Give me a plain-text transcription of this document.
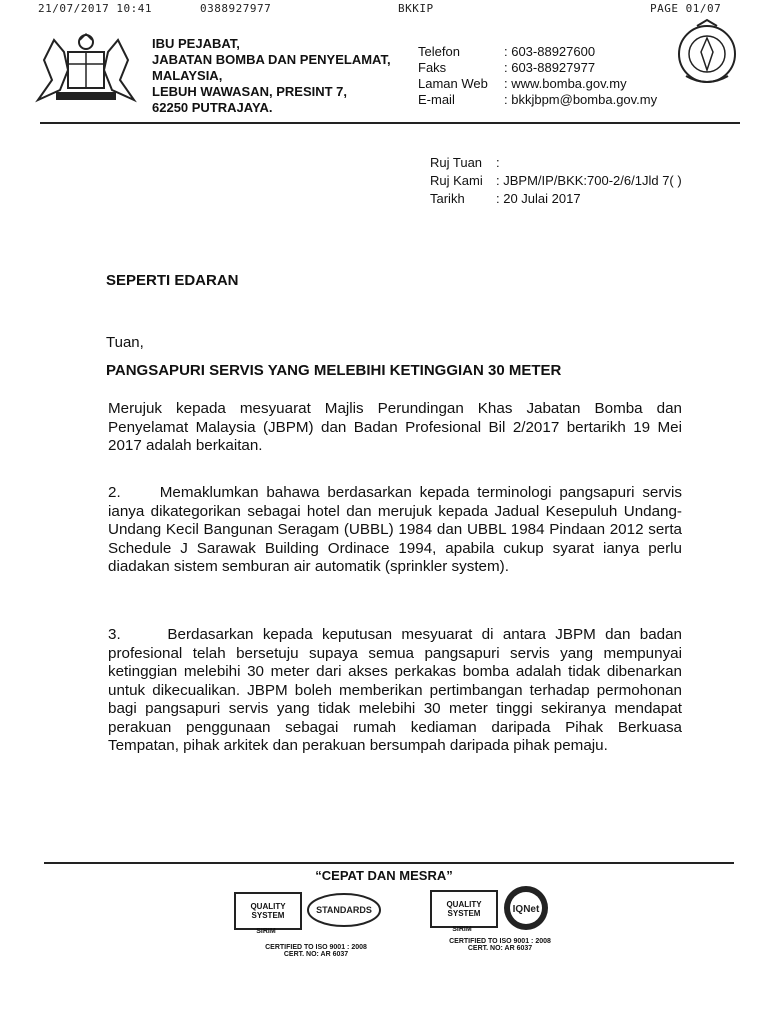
21/07/2017 10:41	0388927977	BKKIP	PAGE 01/07
IBU PEJABAT,
JABATAN BOMBA DAN PENYELAMAT,
MALAYSIA,
LEBUH WAWASAN, PRESINT 7,
62250 PUTRAJAYA.
Telefon	: 603-88927600
Faks	: 603-88927977
Laman Web	: www.bomba.gov.my
E-mail	: bkkjbpm@bomba.gov.my
Ruj Tuan	:
Ruj Kami	: JBPM/IP/BKK:700-2/6/1Jld 7( )
Tarikh	: 20 Julai 2017
SEPERTI EDARAN
Tuan,
PANGSAPURI SERVIS YANG MELEBIHI KETINGGIAN 30 METER
Merujuk kepada mesyuarat Majlis Perundingan Khas Jabatan Bomba dan Penyelamat Malaysia (JBPM) dan Badan Profesional Bil 2/2017 bertarikh 19 Mei 2017 adalah berkaitan.
2.     Memaklumkan bahawa berdasarkan kepada terminologi pangsapuri servis ianya dikategorikan sebagai hotel dan merujuk kepada Jadual Kesepuluh Undang-Undang Kecil Bangunan Seragam (UBBL) 1984 dan UBBL 1984 Pindaan 2012 serta Schedule J Sarawak Building Ordinace 1994, apabila cukup syarat ianya perlu diadakan sistem semburan air automatik (sprinkler system).
3.     Berdasarkan kepada keputusan mesyuarat di antara JBPM dan badan profesional telah bersetuju supaya semua pangsapuri servis yang mempunyai ketinggian melebihi 30 meter dari akses perkakas bomba adalah tidak dibenarkan untuk dikecualikan. JBPM boleh memberikan pertimbangan terhadap permohonan bagi pangsapuri servis yang tidak melebihi 30 meter tinggi sekiranya mendapat perakuan penggunaan sebagai rumah kediaman daripada Pihak Berkuasa Tempatan, pihak arkitek dan perakuan bersumpah daripada pihak pemaju.
“CEPAT DAN MESRA”
QUALITY SYSTEM
STANDARDS
QUALITY SYSTEM	IQNet
SIRIM	SIRIM
CERTIFIED TO ISO 9001 : 2008
CERT. NO: AR 6037
CERTIFIED TO ISO 9001 : 2008
CERT. NO: AR 6037
